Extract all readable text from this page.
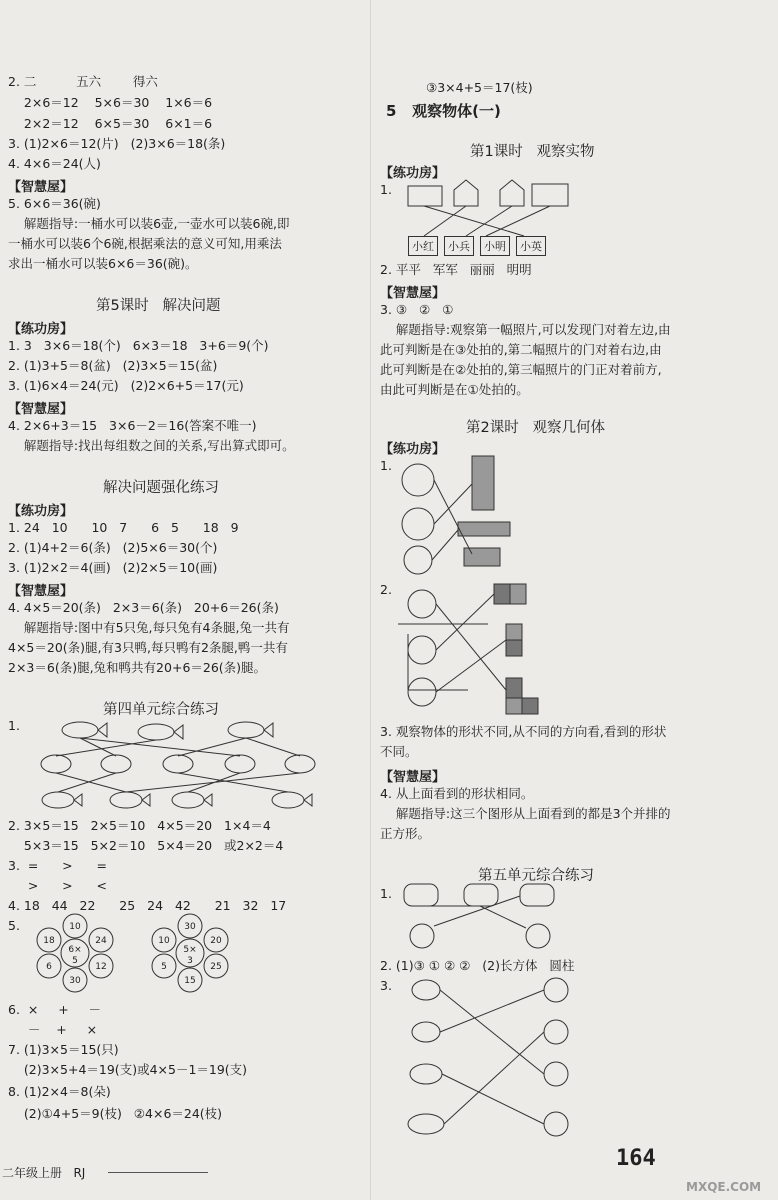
2. 二          五六        得六
2×6＝12    5×6＝30    1×6＝6
2×2＝12    6×5＝30    6×1＝6
3. (1)2×6＝12(片)   (2)3×6＝18(条)
4. 4×6＝24(人)
【智慧屋】
5. 6×6＝36(碗)
解题指导:一桶水可以装6壶,一壶水可以装6碗,即
一桶水可以装6个6碗,根据乘法的意义可知,用乘法
求出一桶水可以装6×6＝36(碗)。
第5课时   解决问题
【练功房】
1. 3   3×6＝18(个)   6×3＝18   3+6＝9(个)
2. (1)3+5＝8(盆)   (2)3×5＝15(盆)
3. (1)6×4＝24(元)   (2)2×6+5＝17(元)
【智慧屋】
4. 2×6+3＝15   3×6－2＝16(答案不唯一)
解题指导:找出每组数之间的关系,写出算式即可。
解决问题强化练习
【练功房】
1. 24   10      10   7      6   5      18   9
2. (1)4+2＝6(条)   (2)5×6＝30(个)
3. (1)2×2＝4(画)   (2)2×5＝10(画)
【智慧屋】
4. 4×5＝20(条)   2×3＝6(条)   20+6＝26(条)
解题指导:图中有5只兔,每只兔有4条腿,兔一共有
4×5＝20(条)腿,有3只鸭,每只鸭有2条腿,鸭一共有
2×3＝6(条)腿,兔和鸭共有20+6＝26(条)腿。
第四单元综合练习
1.
2. 3×5＝15   2×5＝10   4×5＝20   1×4＝4
5×3＝15   5×2＝10   5×4＝20   或2×2＝4
3.  =      >      =
>      >      <
4. 18   44   22      25   24   42      21   32   17
5.	10
24
12
30
6
18
6×
5
30
20
25
15
5
10
5×
3
6.  ×     +     －
－    +     ×
7. (1)3×5＝15(只)
(2)3×5+4＝19(支)或4×5－1＝19(支)
8. (1)2×4＝8(朵)
(2)①4+5＝9(枝)   ②4×6＝24(枝)
二年级上册   RJ
③3×4+5＝17(枝)
5   观察物体(一)
第1课时   观察实物
【练功房】
1.
小红	小兵	小明	小英
2. 平平   军军   丽丽   明明
【智慧屋】
3. ③   ②   ①
解题指导:观察第一幅照片,可以发现门对着左边,由
此可判断是在③处拍的,第二幅照片的门对着右边,由
此可判断是在②处拍的,第三幅照片的门正对着前方,
由此可判断是在①处拍的。
第2课时   观察几何体
【练功房】
1.
2.
3. 观察物体的形状不同,从不同的方向看,看到的形状
不同。
【智慧屋】
4. 从上面看到的形状相同。
解题指导:这三个图形从上面看到的都是3个并排的
正方形。
第五单元综合练习
1.
2. (1)③ ① ② ②   (2)长方体   圆柱
3.
164
MXQE.COM
